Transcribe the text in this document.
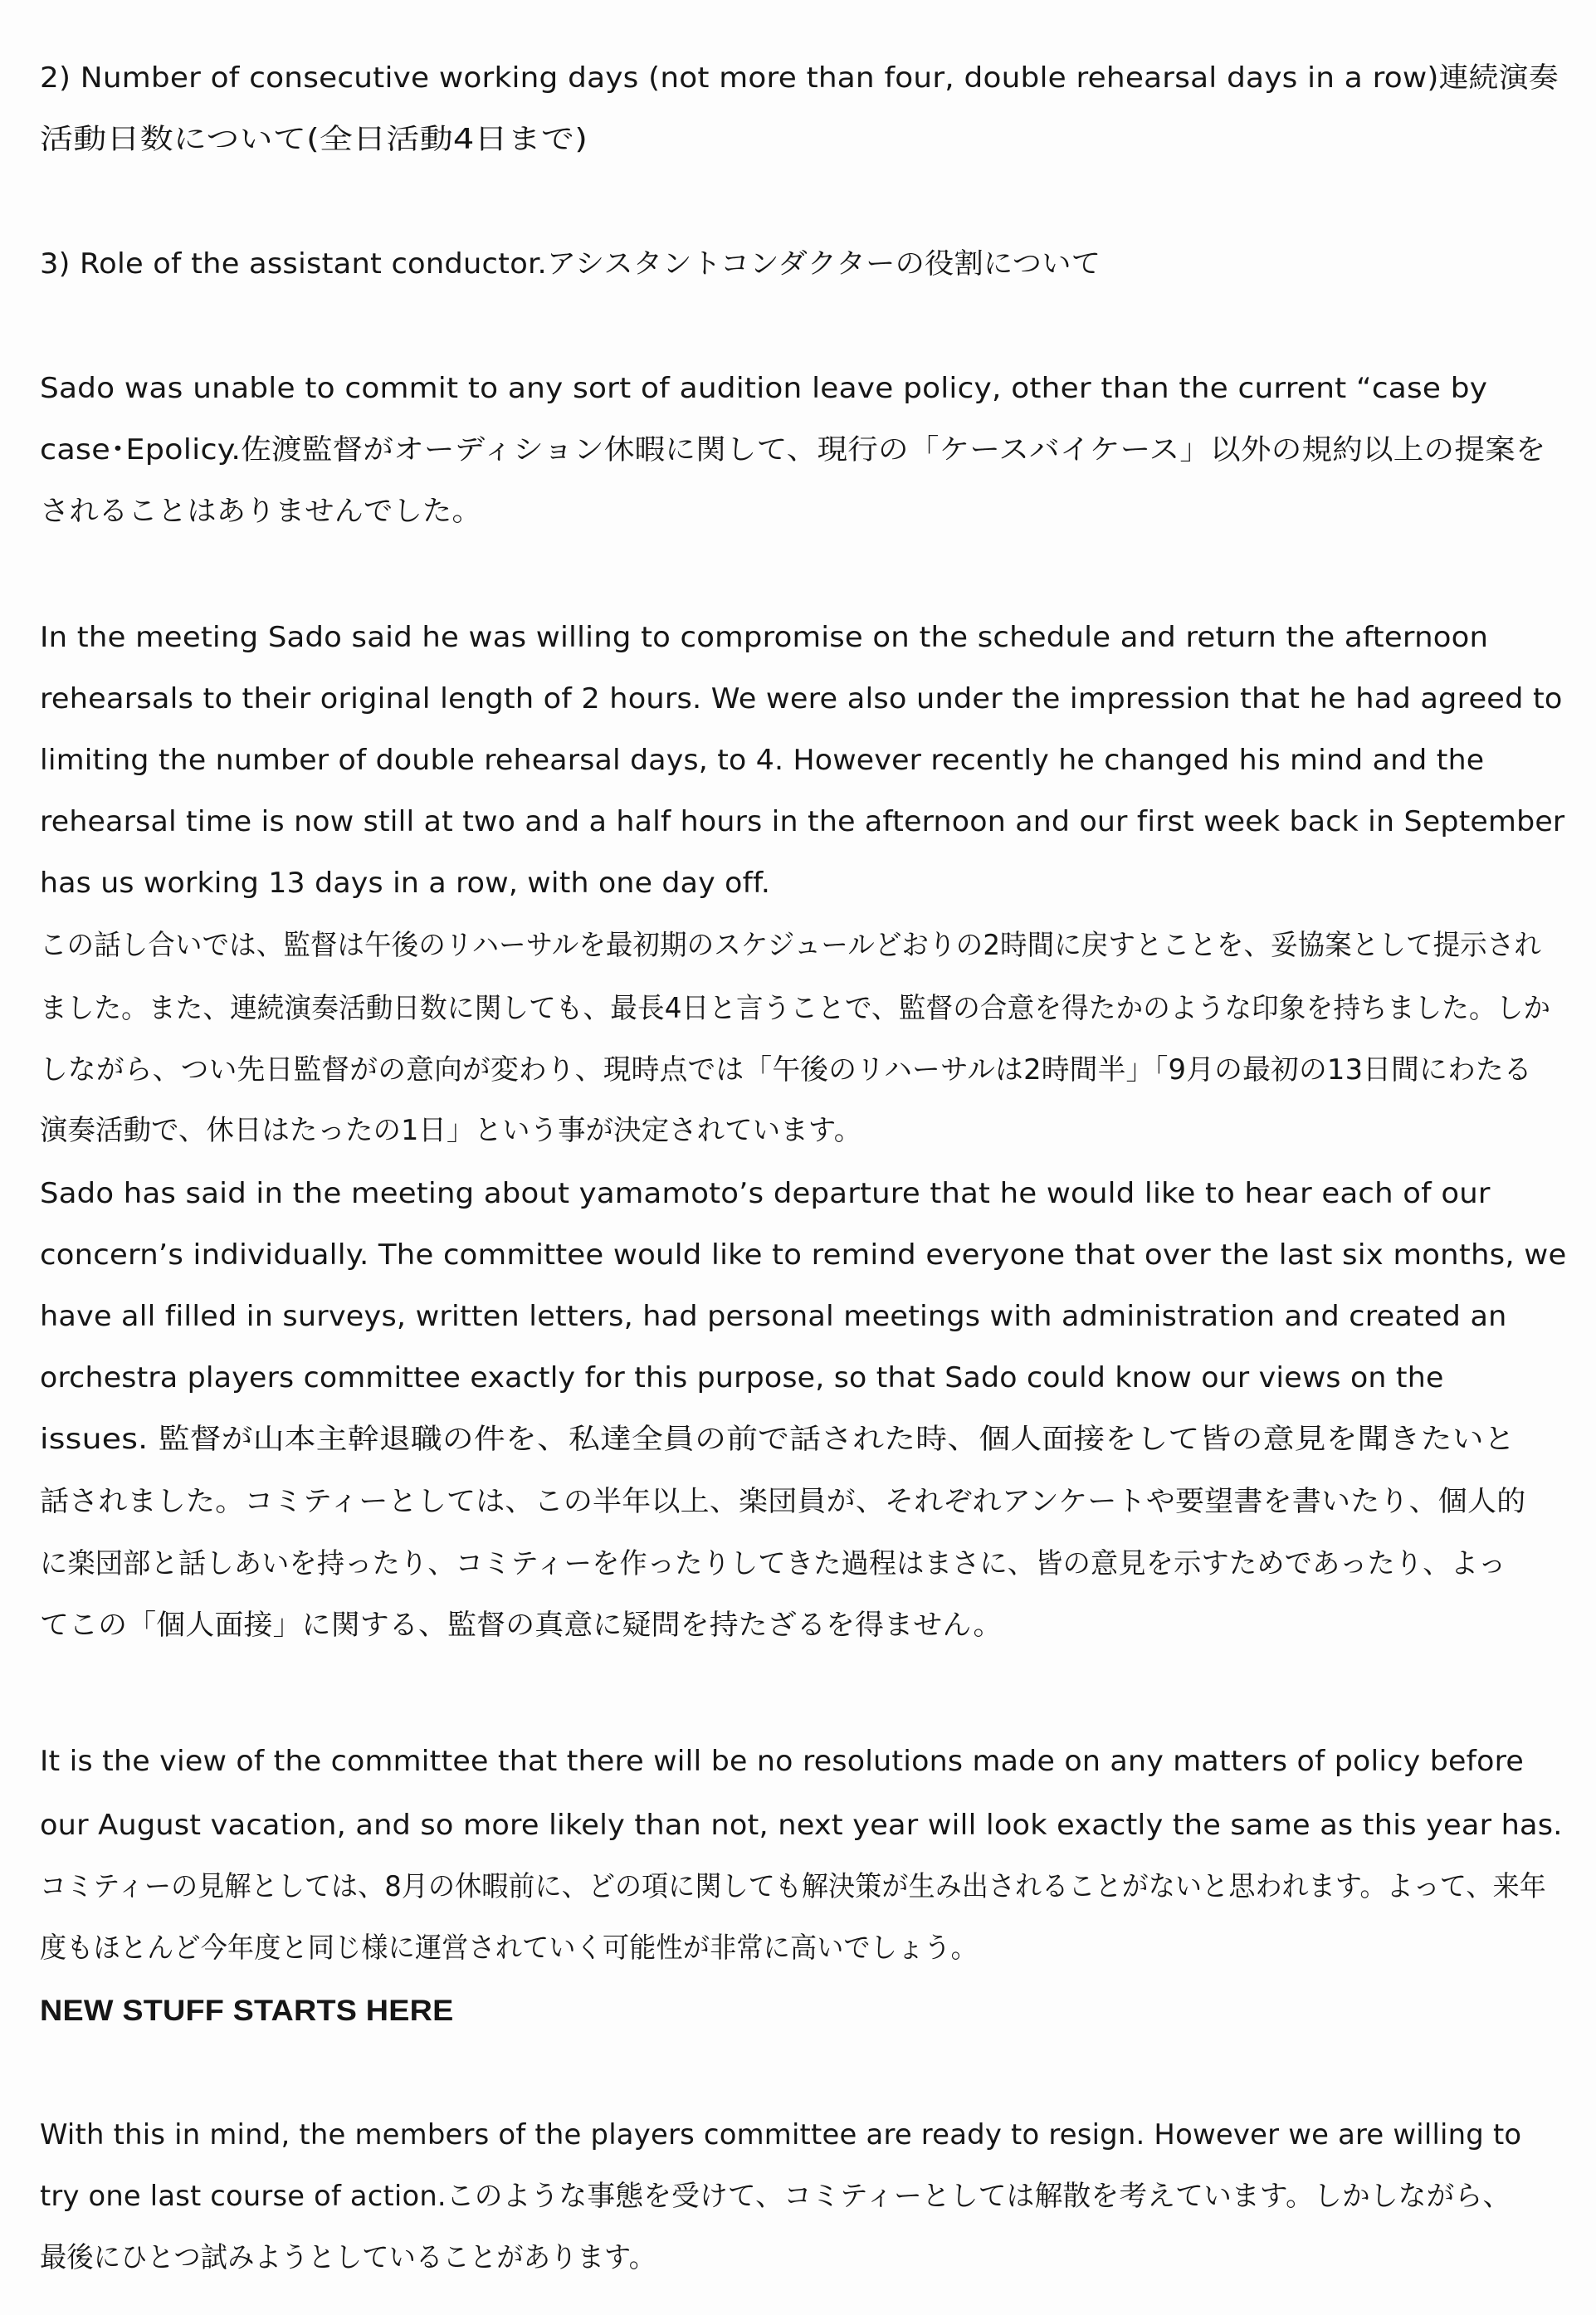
2) Number of consecutive working days (not more than four, double rehearsal days in a row)連続演奏
活動日数について(全日活動4日まで)
3) Role of the assistant conductor.アシスタントコンダクターの役割について
Sado was unable to commit to any sort of audition leave policy, other than the current “case by
case･Epolicy.佐渡監督がオーディション休暇に関して、現行の「ケースバイケース」以外の規約以上の提案を
されることはありませんでした。
In the meeting Sado said he was willing to compromise on the schedule and return the afternoon
rehearsals to their original length of 2 hours. We were also under the impression that he had agreed to
limiting the number of double rehearsal days, to 4. However recently he changed his mind and the
rehearsal time is now still at two and a half hours in the afternoon and our first week back in September
has us working 13 days in a row, with one day off.
この話し合いでは、監督は午後のリハーサルを最初期のスケジュールどおりの2時間に戻すとことを、妥協案として提示され
ました。また、連続演奏活動日数に関しても、最長4日と言うことで、監督の合意を得たかのような印象を持ちました。しか
しながら、つい先日監督がの意向が変わり、現時点では「午後のリハーサルは2時間半」「9月の最初の13日間にわたる
演奏活動で、休日はたったの1日」という事が決定されています。
Sado has said in the meeting about yamamoto’s departure that he would like to hear each of our
concern’s individually. The committee would like to remind everyone that over the last six months, we
have all filled in surveys, written letters, had personal meetings with administration and created an
orchestra players committee exactly for this purpose, so that Sado could know our views on the
issues. 監督が山本主幹退職の件を、私達全員の前で話された時、個人面接をして皆の意見を聞きたいと
話されました。コミティーとしては、この半年以上、楽団員が、それぞれアンケートや要望書を書いたり、個人的
に楽団部と話しあいを持ったり、コミティーを作ったりしてきた過程はまさに、皆の意見を示すためであったり、よっ
てこの「個人面接」に関する、監督の真意に疑問を持たざるを得ません。
It is the view of the committee that there will be no resolutions made on any matters of policy before
our August vacation, and so more likely than not, next year will look exactly the same as this year has.
コミティーの見解としては、8月の休暇前に、どの項に関しても解決策が生み出されることがないと思われます。よって、来年
度もほとんど今年度と同じ様に運営されていく可能性が非常に高いでしょう。
NEW STUFF STARTS HERE
With this in mind, the members of the players committee are ready to resign. However we are willing to
try one last course of action.このような事態を受けて、コミティーとしては解散を考えています。しかしながら、
最後にひとつ試みようとしていることがあります。
